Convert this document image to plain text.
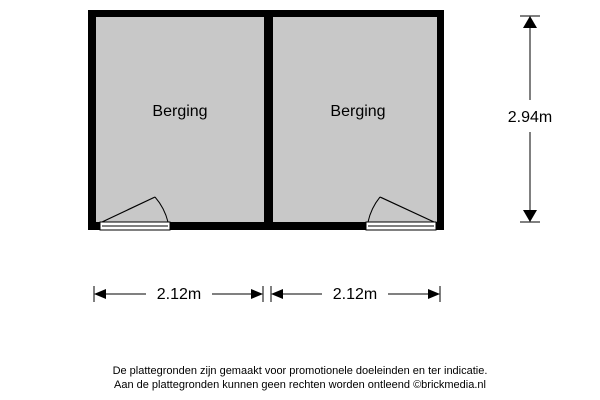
Berging	Berging	2.94m
2.12m	2.12m
De plattegronden zijn gemaakt voor promotionele doeleinden en ter indicatie.
Aan de plattegronden kunnen geen rechten worden ontleend ©brickmedia.nl
